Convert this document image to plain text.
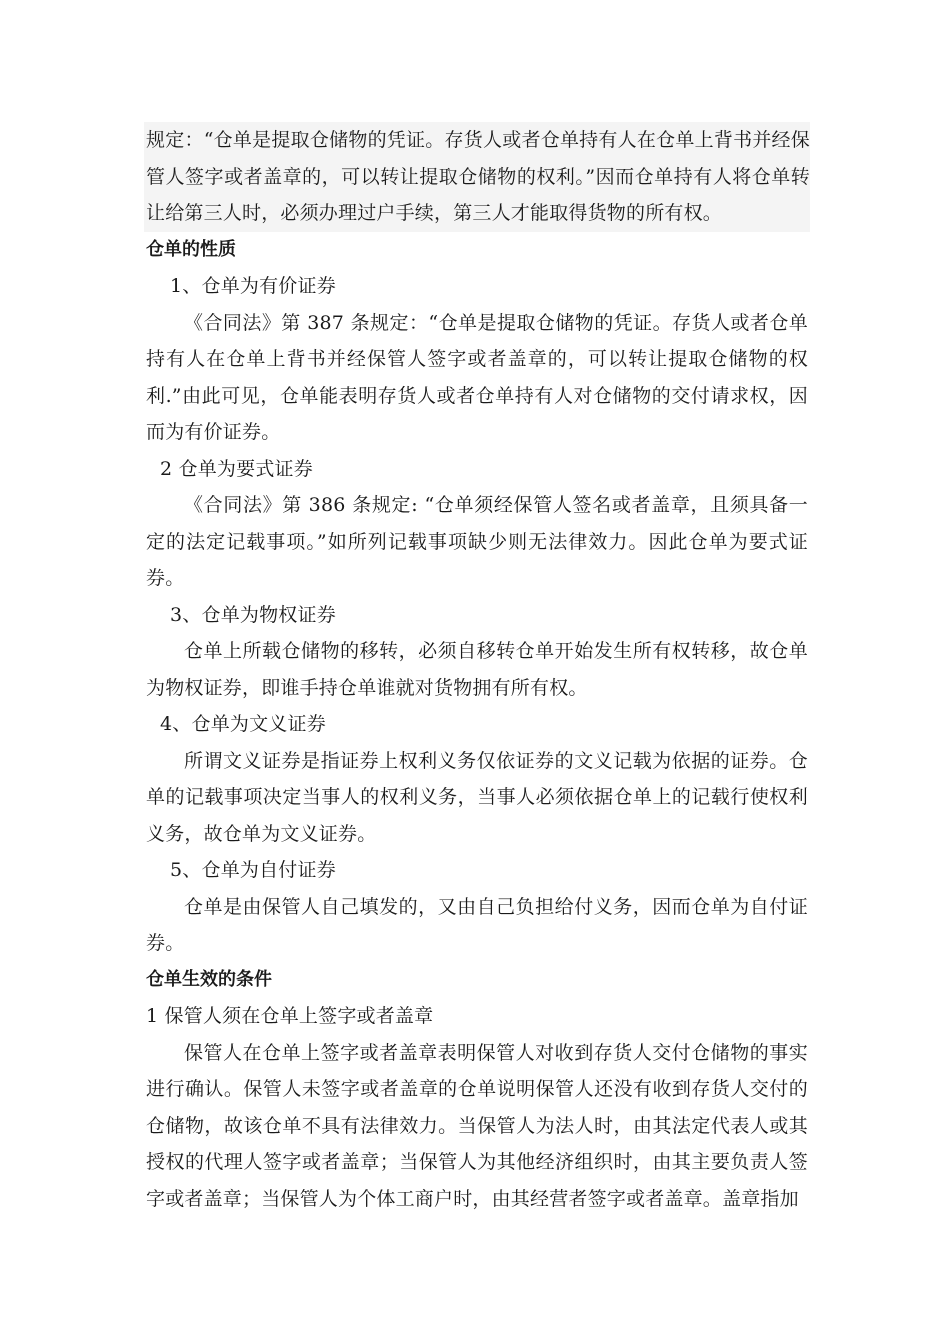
规定：“仓单是提取仓储物的凭证。存货人或者仓单持有人在仓单上背书并经保管人签字或者盖章的，可以转让提取仓储物的权利。”因而仓单持有人将仓单转让给第三人时，必须办理过户手续，第三人才能取得货物的所有权。

仓单的性质

1、仓单为有价证券

《合同法》第 387 条规定：“仓单是提取仓储物的凭证。存货人或者仓单持有人在仓单上背书并经保管人签字或者盖章的，可以转让提取仓储物的权利.”由此可见，仓单能表明存货人或者仓单持有人对仓储物的交付请求权，因而为有价证券。

2 仓单为要式证券

《合同法》第 386 条规定: “仓单须经保管人签名或者盖章，且须具备一定的法定记载事项。”如所列记载事项缺少则无法律效力。因此仓单为要式证券。

3、仓单为物权证券

仓单上所载仓储物的移转，必须自移转仓单开始发生所有权转移，故仓单为物权证券，即谁手持仓单谁就对货物拥有所有权。

4、仓单为文义证券

所谓文义证券是指证券上权利义务仅依证券的文义记载为依据的证券。仓单的记载事项决定当事人的权利义务，当事人必须依据仓单上的记载行使权利义务，故仓单为文义证券。

5、仓单为自付证券

仓单是由保管人自己填发的，又由自己负担给付义务，因而仓单为自付证券。

仓单生效的条件

1 保管人须在仓单上签字或者盖章

保管人在仓单上签字或者盖章表明保管人对收到存货人交付仓储物的事实进行确认。保管人未签字或者盖章的仓单说明保管人还没有收到存货人交付的仓储物，故该仓单不具有法律效力。当保管人为法人时，由其法定代表人或其授权的代理人签字或者盖章；当保管人为其他经济组织时，由其主要负责人签字或者盖章；当保管人为个体工商户时，由其经营者签字或者盖章。盖章指加
